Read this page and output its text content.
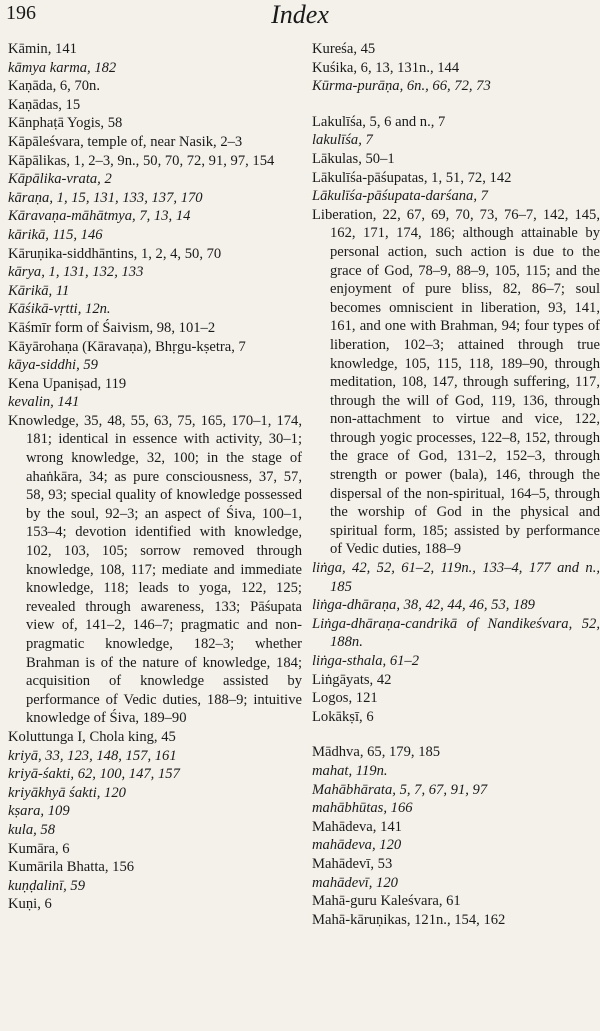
196	Index
Kāmin, 141
kāmya karma, 182
Kaṇāda, 6, 70n.
Kaṇādas, 15
Kānphaṭā Yogis, 58
Kāpāleśvara, temple of, near Nasik, 2–3
Kāpālikas, 1, 2–3, 9n., 50, 70, 72, 91, 97, 154
Kāpālika-vrata, 2
kāraṇa, 1, 15, 131, 133, 137, 170
Kāravaṇa-māhātmya, 7, 13, 14
kārikā, 115, 146
Kāruṇika-siddhāntins, 1, 2, 4, 50, 70
kārya, 1, 131, 132, 133
Kārikā, 11
Kāśikā-vṛtti, 12n.
Kāśmīr form of Śaivism, 98, 101–2
Kāyārohaṇa (Kāravaṇa), Bhṛgu-kṣetra, 7
kāya-siddhi, 59
Kena Upaniṣad, 119
kevalin, 141
Knowledge, 35, 48, 55, 63, 75, 165, 170–1, 174, 181; identical in essence with activity, 30–1; wrong knowledge, 32, 100; in the stage of ahaṅkāra, 34; as pure consciousness, 37, 57, 58, 93; special quality of knowledge possessed by the soul, 92–3; an aspect of Śiva, 100–1, 153–4; devotion identified with knowledge, 102, 103, 105; sorrow removed through knowledge, 108, 117; mediate and immediate knowledge, 118; leads to yoga, 122, 125; revealed through awareness, 133; Pāśupata view of, 141–2, 146–7; pragmatic and non-pragmatic knowledge, 182–3; whether Brahman is of the nature of knowledge, 184; acquisition of knowledge assisted by performance of Vedic duties, 188–9; intuitive knowledge of Śiva, 189–90
Koluttunga I, Chola king, 45
kriyā, 33, 123, 148, 157, 161
kriyā-śakti, 62, 100, 147, 157
kriyākhyā śakti, 120
kṣara, 109
kula, 58
Kumāra, 6
Kumārila Bhatta, 156
kuṇḍalinī, 59
Kuṇi, 6
Kureśa, 45
Kuśika, 6, 13, 131n., 144
Kūrma-purāṇa, 6n., 66, 72, 73
Lakulīśa, 5, 6 and n., 7
lakulīśa, 7
Lākulas, 50–1
Lākulīśa-pāśupatas, 1, 51, 72, 142
Lākulīśa-pāśupata-darśana, 7
Liberation, 22, 67, 69, 70, 73, 76–7, 142, 145, 162, 171, 174, 186; although attainable by personal action, such action is due to the grace of God, 78–9, 88–9, 105, 115; and the enjoyment of pure bliss, 82, 86–7; soul becomes omniscient in liberation, 93, 141, 161, and one with Brahman, 94; four types of liberation, 102–3; attained through true knowledge, 105, 115, 118, 189–90, through meditation, 108, 147, through suffering, 117, through the will of God, 119, 136, through non-attachment to virtue and vice, 122, through yogic processes, 122–8, 152, through the grace of God, 131–2, 152–3, through strength or power (bala), 146, through the dispersal of the non-spiritual, 164–5, through the worship of God in the physical and spiritual form, 185; assisted by performance of Vedic duties, 188–9
liṅga, 42, 52, 61–2, 119n., 133–4, 177 and n., 185
liṅga-dhāraṇa, 38, 42, 44, 46, 53, 189
Liṅga-dhāraṇa-candrikā of Nandikeśvara, 52, 188n.
liṅga-sthala, 61–2
Liṅgāyats, 42
Logos, 121
Lokākṣī, 6
Mādhva, 65, 179, 185
mahat, 119n.
Mahābhārata, 5, 7, 67, 91, 97
mahābhūtas, 166
Mahādeva, 141
mahādeva, 120
Mahādevī, 53
mahādevī, 120
Mahā-guru Kaleśvara, 61
Mahā-kāruṇikas, 121n., 154, 162
